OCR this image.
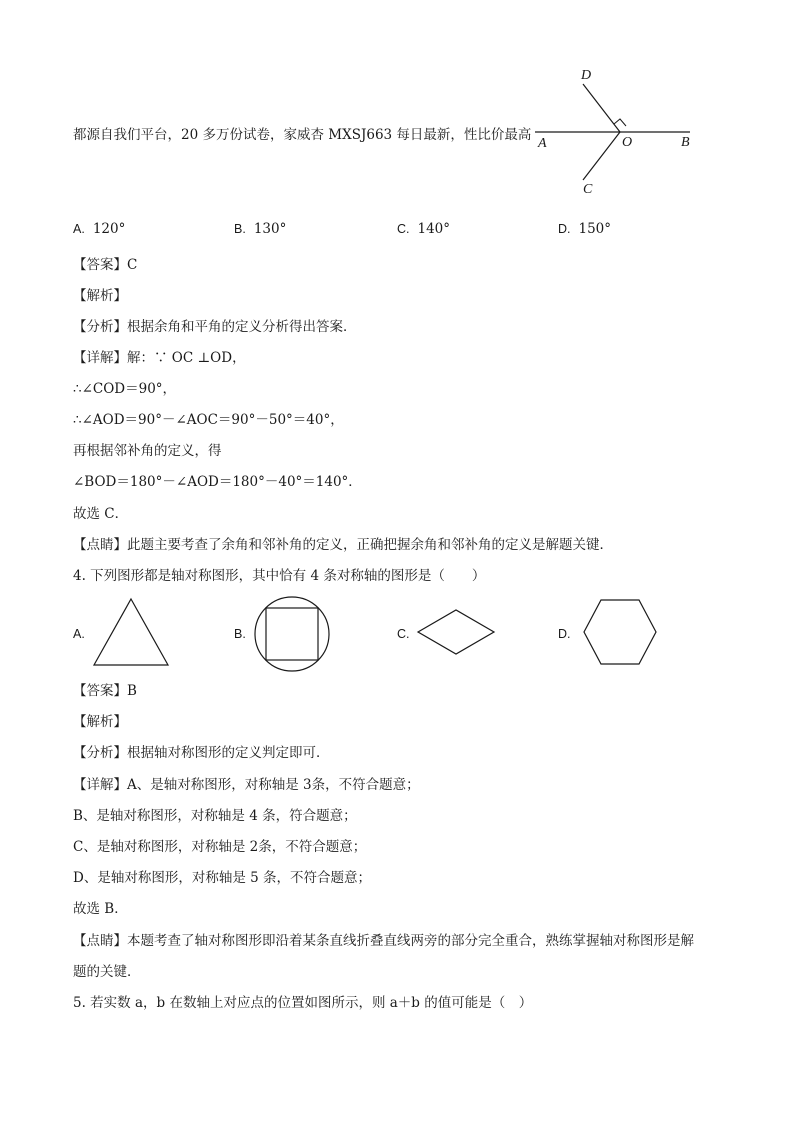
都源自我们平台，20 多万份试卷，家威杏 MXSJ663 每日最新，性比价最高
D
O
A	B
C
A. 120°	B. 130°	C. 140°	D. 150°
【答案】C
【解析】
【分析】根据余角和平角的定义分析得出答案．
【详解】解：∵ OC ⊥OD，
∴∠COD＝90°，
∴∠AOD＝90°－∠AOC＝90°－50°＝40°，
再根据邻补角的定义，得
∠BOD＝180°－∠AOD＝180°－40°＝140°．
故选 C．
【点睛】此题主要考查了余角和邻补角的定义，正确把握余角和邻补角的定义是解题关键．
4. 下列图形都是轴对称图形，其中恰有 4 条对称轴的图形是（　　）
A.	B.	C.	D.
【答案】B
【解析】
【分析】根据轴对称图形的定义判定即可．
【详解】A、是轴对称图形，对称轴是 3条，不符合题意；
B、是轴对称图形，对称轴是 4 条，符合题意；
C、是轴对称图形，对称轴是 2条，不符合题意；
D、是轴对称图形，对称轴是 5 条，不符合题意；
故选 B．
【点睛】本题考查了轴对称图形即沿着某条直线折叠直线两旁的部分完全重合，熟练掌握轴对称图形是解
题的关键．
5. 若实数 a，b 在数轴上对应点的位置如图所示，则 a＋b 的值可能是（　）
